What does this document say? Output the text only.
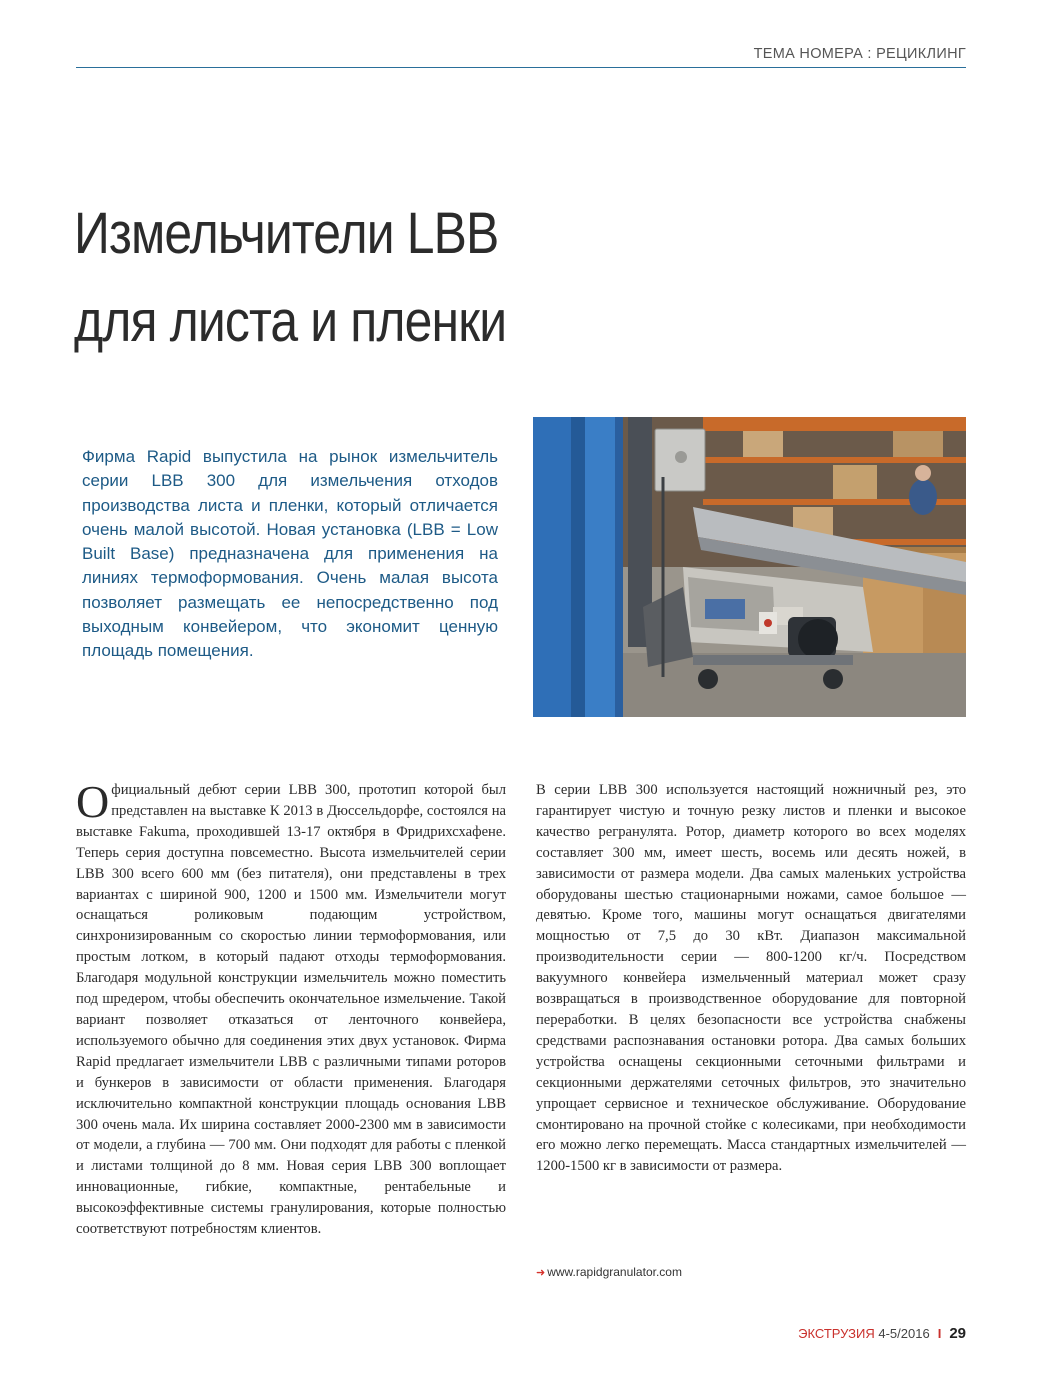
ТЕМА НОМЕРА : РЕЦИКЛИНГ
Измельчители LBB
для листа и пленки

Фирма Rapid выпустила на рынок измельчитель серии LBB 300 для измельчения отходов производства листа и пленки, который отличается очень малой высотой. Новая установка (LBB = Low Built Base) предназначена для применения на линиях термоформования. Очень малая высота позволяет размещать ее непосредственно под выходным конвейером, что экономит ценную площадь помещения.

Официальный дебют серии LBB 300, прототип которой был представлен на выставке К 2013 в Дюссельдорфе, состоялся на выставке Fakuma, проходившей 13-17 октября в Фридрихсхафене. Теперь серия доступна повсеместно. Высота измельчителей серии LBB 300 всего 600 мм (без питателя), они представлены в трех вариантах с шириной 900, 1200 и 1500 мм. Измельчители могут оснащаться роликовым подающим устройством, синхронизированным со скоростью линии термоформования, или простым лотком, в который падают отходы термоформования. Благодаря модульной конструкции измельчитель можно поместить под шредером, чтобы обеспечить окончательное измельчение. Такой вариант позволяет отказаться от ленточного конвейера, используемого обычно для соединения этих двух установок. Фирма Rapid предлагает измельчители LBB с различными типами роторов и бункеров в зависимости от области применения. Благодаря исключительно компактной конструкции площадь основания LBB 300 очень мала. Их ширина составляет 2000-2300 мм в зависимости от модели, а глубина — 700 мм. Они подходят для работы с пленкой и листами толщиной до 8 мм. Новая серия LBB 300 воплощает инновационные, гибкие, компактные, рентабельные и высокоэффективные системы гранулирования, которые полностью соответствуют потребностям клиентов.
В серии LBB 300 используется настоящий ножничный рез, это гарантирует чистую и точную резку листов и пленки и высокое качество регранулята. Ротор, диаметр которого во всех моделях составляет 300 мм, имеет шесть, восемь или десять ножей, в зависимости от размера модели. Два самых маленьких устройства оборудованы шестью стационарными ножами, самое большое — девятью. Кроме того, машины могут оснащаться двигателями мощностью от 7,5 до 30 кВт. Диапазон максимальной производительности серии — 800-1200 кг/ч. Посредством вакуумного конвейера измельченный материал может сразу возвращаться в производственное оборудование для повторной переработки. В целях безопасности все устройства снабжены средствами распознавания остановки ротора. Два самых больших устройства оснащены секционными сеточными фильтрами и секционными держателями сеточных фильтров, это значительно упрощает сервисное и техническое обслуживание. Оборудование смонтировано на прочной стойке с колесиками, при необходимости его можно легко перемещать. Масса стандартных измельчителей — 1200-1500 кг в зависимости от размера.
➜ www.rapidgranulator.com
ЭКСТРУЗИЯ 4-5/2016 I 29
